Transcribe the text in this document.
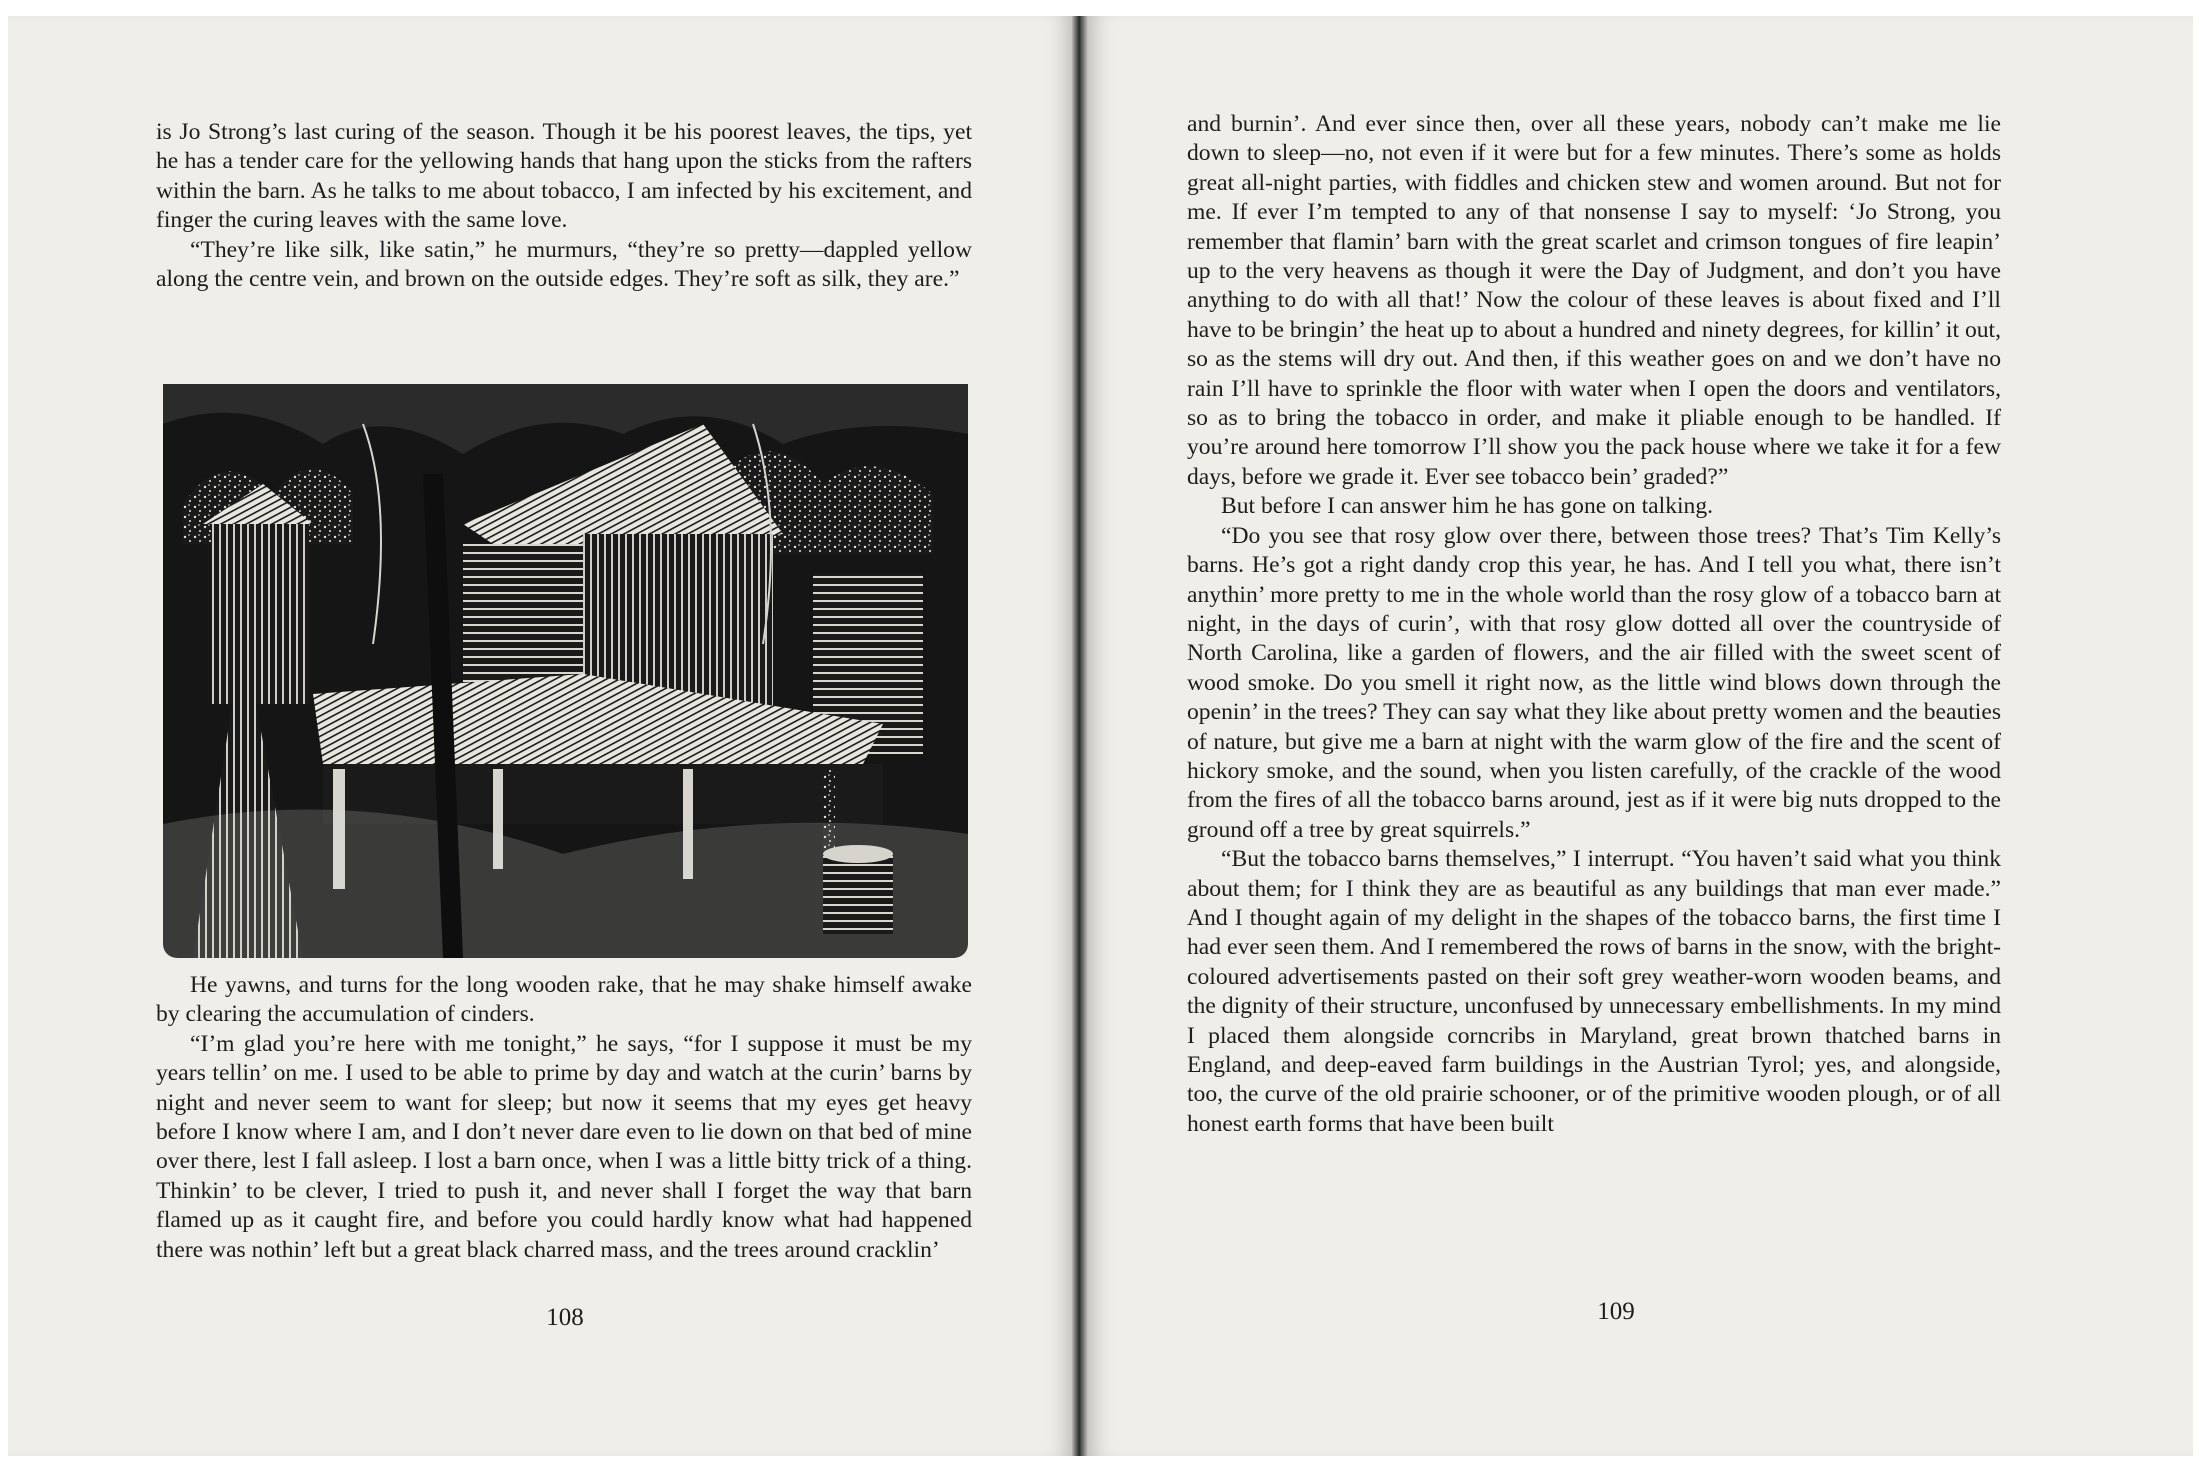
is Jo Strong’s last curing of the season. Though it be his poorest leaves, the tips, yet he has a tender care for the yellowing hands that hang upon the sticks from the rafters within the barn. As he talks to me about tobacco, I am infected by his excitement, and finger the curing leaves with the same love.

“They’re like silk, like satin,” he murmurs, “they’re so pretty—dappled yellow along the centre vein, and brown on the outside edges. They’re soft as silk, they are.”

He yawns, and turns for the long wooden rake, that he may shake himself awake by clearing the accumulation of cinders.

“I’m glad you’re here with me tonight,” he says, “for I suppose it must be my years tellin’ on me. I used to be able to prime by day and watch at the curin’ barns by night and never seem to want for sleep; but now it seems that my eyes get heavy before I know where I am, and I don’t never dare even to lie down on that bed of mine over there, lest I fall asleep. I lost a barn once, when I was a little bitty trick of a thing. Thinkin’ to be clever, I tried to push it, and never shall I forget the way that barn flamed up as it caught fire, and before you could hardly know what had happened there was nothin’ left but a great black charred mass, and the trees around cracklin’

108

and burnin’. And ever since then, over all these years, nobody can’t make me lie down to sleep—no, not even if it were but for a few minutes. There’s some as holds great all-night parties, with fiddles and chicken stew and women around. But not for me. If ever I’m tempted to any of that nonsense I say to myself: ‘Jo Strong, you remember that flamin’ barn with the great scarlet and crimson tongues of fire leapin’ up to the very heavens as though it were the Day of Judgment, and don’t you have anything to do with all that!’ Now the colour of these leaves is about fixed and I’ll have to be bringin’ the heat up to about a hundred and ninety degrees, for killin’ it out, so as the stems will dry out. And then, if this weather goes on and we don’t have no rain I’ll have to sprinkle the floor with water when I open the doors and ventilators, so as to bring the tobacco in order, and make it pliable enough to be handled. If you’re around here tomorrow I’ll show you the pack house where we take it for a few days, before we grade it. Ever see tobacco bein’ graded?”

But before I can answer him he has gone on talking.

“Do you see that rosy glow over there, between those trees? That’s Tim Kelly’s barns. He’s got a right dandy crop this year, he has. And I tell you what, there isn’t anythin’ more pretty to me in the whole world than the rosy glow of a tobacco barn at night, in the days of curin’, with that rosy glow dotted all over the countryside of North Carolina, like a garden of flowers, and the air filled with the sweet scent of wood smoke. Do you smell it right now, as the little wind blows down through the openin’ in the trees? They can say what they like about pretty women and the beauties of nature, but give me a barn at night with the warm glow of the fire and the scent of hickory smoke, and the sound, when you listen carefully, of the crackle of the wood from the fires of all the tobacco barns around, jest as if it were big nuts dropped to the ground off a tree by great squirrels.”

“But the tobacco barns themselves,” I interrupt. “You haven’t said what you think about them; for I think they are as beautiful as any buildings that man ever made.” And I thought again of my delight in the shapes of the tobacco barns, the first time I had ever seen them. And I remembered the rows of barns in the snow, with the bright-coloured advertisements pasted on their soft grey weather-worn wooden beams, and the dignity of their structure, unconfused by unnecessary embellishments. In my mind I placed them alongside corncribs in Maryland, great brown thatched barns in England, and deep-eaved farm buildings in the Austrian Tyrol; yes, and alongside, too, the curve of the old prairie schooner, or of the primitive wooden plough, or of all honest earth forms that have been built

109
